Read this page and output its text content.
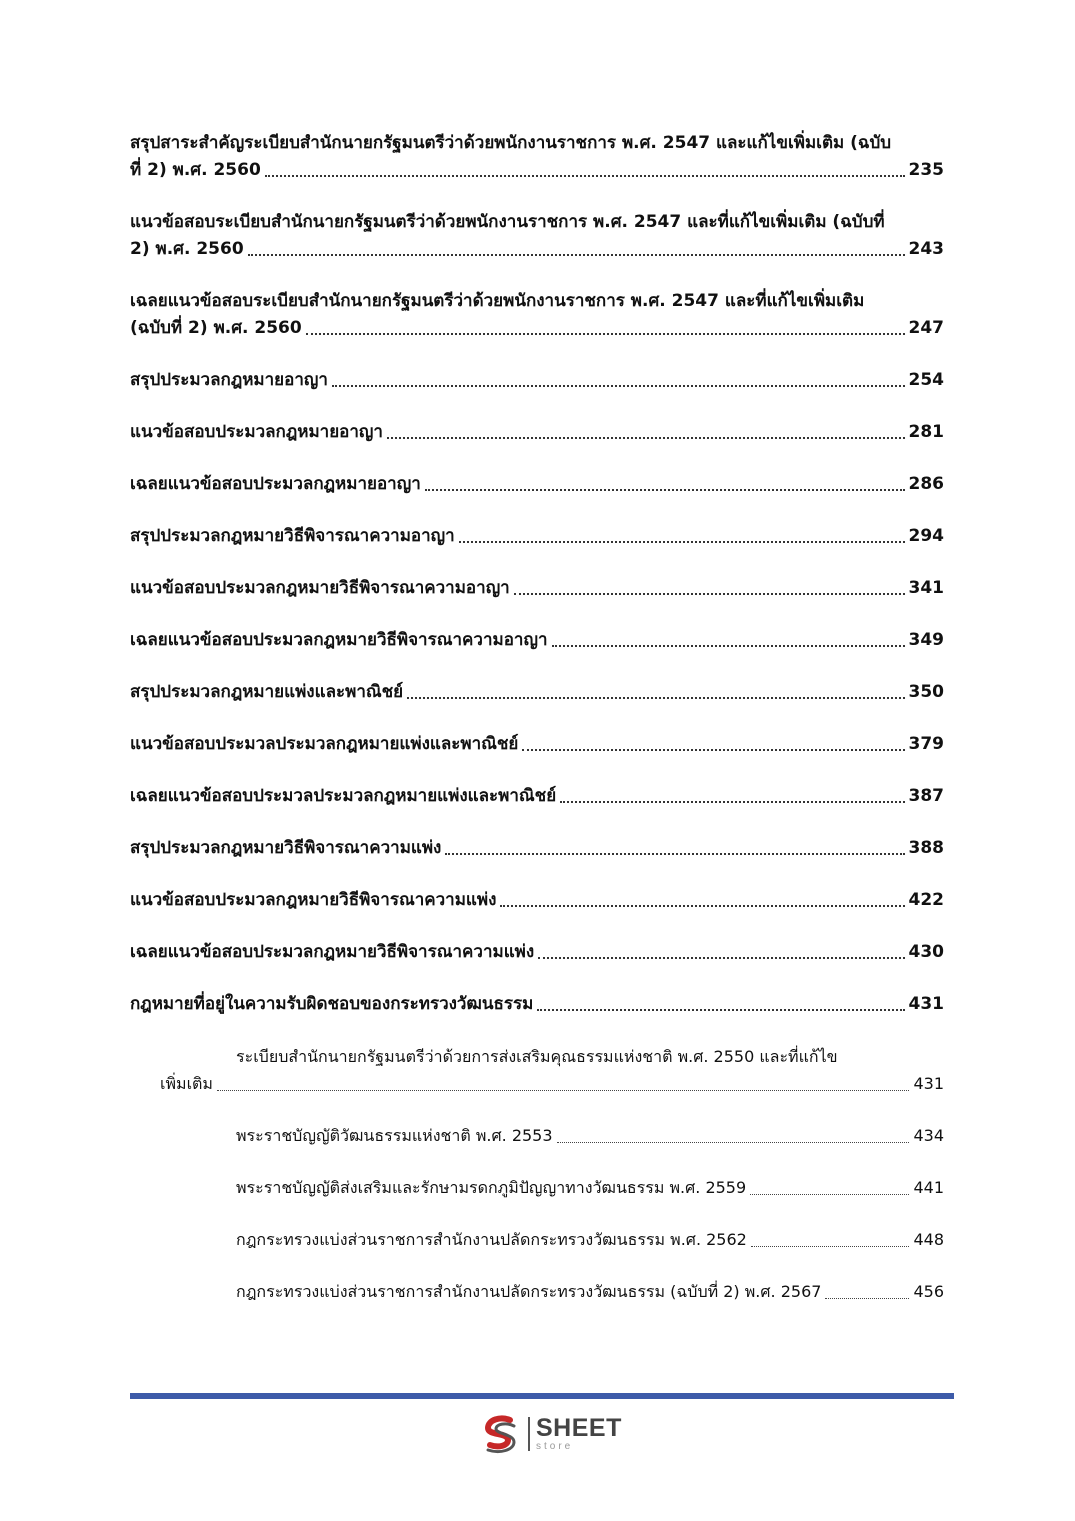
สรุปสาระสำคัญระเบียบสำนักนายกรัฐมนตรีว่าด้วยพนักงานราชการ พ.ศ. 2547 และแก้ไขเพิ่มเติม (ฉบับ
ที่ 2) พ.ศ. 2560	235
แนวข้อสอบระเบียบสำนักนายกรัฐมนตรีว่าด้วยพนักงานราชการ พ.ศ. 2547 และที่แก้ไขเพิ่มเติม (ฉบับที่
2) พ.ศ. 2560	243
เฉลยแนวข้อสอบระเบียบสำนักนายกรัฐมนตรีว่าด้วยพนักงานราชการ พ.ศ. 2547 และที่แก้ไขเพิ่มเติม
(ฉบับที่ 2) พ.ศ. 2560	247
สรุปประมวลกฎหมายอาญา	254
แนวข้อสอบประมวลกฎหมายอาญา	281
เฉลยแนวข้อสอบประมวลกฎหมายอาญา	286
สรุปประมวลกฎหมายวิธีพิจารณาความอาญา	294
แนวข้อสอบประมวลกฎหมายวิธีพิจารณาความอาญา	341
เฉลยแนวข้อสอบประมวลกฎหมายวิธีพิจารณาความอาญา	349
สรุปประมวลกฎหมายแพ่งและพาณิชย์	350
แนวข้อสอบประมวลประมวลกฎหมายแพ่งและพาณิชย์	379
เฉลยแนวข้อสอบประมวลประมวลกฎหมายแพ่งและพาณิชย์	387
สรุปประมวลกฎหมายวิธีพิจารณาความแพ่ง	388
แนวข้อสอบประมวลกฎหมายวิธีพิจารณาความแพ่ง	422
เฉลยแนวข้อสอบประมวลกฎหมายวิธีพิจารณาความแพ่ง	430
กฎหมายที่อยู่ในความรับผิดชอบของกระทรวงวัฒนธรรม	431
ระเบียบสำนักนายกรัฐมนตรีว่าด้วยการส่งเสริมคุณธรรมแห่งชาติ พ.ศ. 2550 และที่แก้ไข
เพิ่มเติม	431
พระราชบัญญัติวัฒนธรรมแห่งชาติ พ.ศ. 2553	434
พระราชบัญญัติส่งเสริมและรักษามรดกภูมิปัญญาทางวัฒนธรรม พ.ศ. 2559	441
กฎกระทรวงแบ่งส่วนราชการสำนักงานปลัดกระทรวงวัฒนธรรม พ.ศ. 2562	448
กฎกระทรวงแบ่งส่วนราชการสำนักงานปลัดกระทรวงวัฒนธรรม (ฉบับที่ 2) พ.ศ. 2567	456
SHEET
store
